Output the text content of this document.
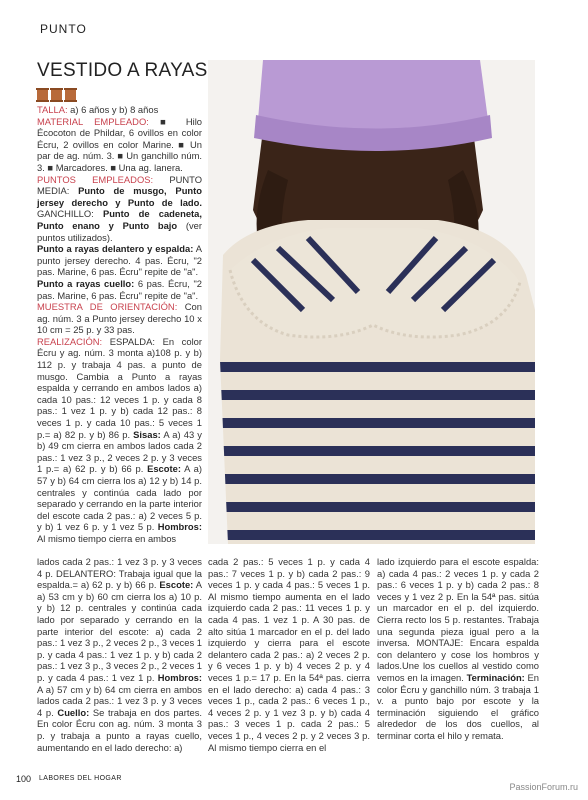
PUNTO
VESTIDO A RAYAS

TALLA: a) 6 años y b) 8 años

MATERIAL EMPLEADO: ■ Hilo Écocoton de Phildar, 6 ovillos en color Écru, 2 ovillos en color Marine. ■ Un par de ag. núm. 3. ■ Un ganchillo núm. 3. ■ Marcadores. ■ Una ag. lanera.

PUNTOS EMPLEADOS: PUNTO MEDIA: Punto de musgo, Punto jersey derecho y Punto de lado. GANCHILLO: Punto de cadeneta, Punto enano y Punto bajo (ver puntos utilizados).

Punto a rayas delantero y espalda: A punto jersey derecho. 4 pas. Écru, "2 pas. Marine, 6 pas. Écru" repite de "a".

Punto a rayas cuello: 6 pas. Écru, "2 pas. Marine, 6 pas. Écru" repite de "a".

MUESTRA DE ORIENTACIÓN: Con ag. núm. 3 a Punto jersey derecho 10 x 10 cm = 25 p. y 33 pas.

REALIZACIÓN: ESPALDA: En color Écru y ag. núm. 3 monta a)108 p. y b) 112 p. y trabaja 4 pas. a punto de musgo. Cambia a Punto a rayas espalda y cerrando en ambos lados a) cada 10 pas.: 12 veces 1 p. y cada 8 pas.: 1 vez 1 p. y b) cada 12 pas.: 8 veces 1 p. y cada 10 pas.: 5 veces 1 p.= a) 82 p. y b) 86 p. Sisas: A a) 43 y b) 49 cm cierra en ambos lados cada 2 pas.: 1 vez 3 p., 2 veces 2 p. y 3 veces 1 p.= a) 62 p. y b) 66 p. Escote: A a) 57 y b) 64 cm cierra los a) 12 y b) 14 p. centrales y continúa cada lado por separado y cerrando en la parte interior del escote cada 2 pas.: a) 2 veces 5 p. y b) 1 vez 6 p. y 1 vez 5 p. Hombros: Al mismo tiempo cierra en ambos

lados cada 2 pas.: 1 vez 3 p. y 3 veces 4 p. DELANTERO: Trabaja igual que la espalda.= a) 62 p. y b) 66 p. Escote: A a) 53 cm y b) 60 cm cierra los a) 10 p. y b) 12 p. centrales y continúa cada lado por separado y cerrando en la parte interior del escote: a) cada 2 pas.: 1 vez 3 p., 2 veces 2 p., 3 veces 1 p. y cada 4 pas.: 1 vez 1 p. y b) cada 2 pas.: 1 vez 3 p., 3 veces 2 p., 2 veces 1 p. y cada 4 pas.: 1 vez 1 p. Hombros: A a) 57 cm y b) 64 cm cierra en ambos lados cada 2 pas.: 1 vez 3 p. y 3 veces 4 p. Cuello: Se trabaja en dos partes. En color Écru con ag. núm. 3 monta 3 p. y trabaja a punto a rayas cuello, aumentando en el lado derecho: a)

cada 2 pas.: 5 veces 1 p. y cada 4 pas.: 7 veces 1 p. y b) cada 2 pas.: 9 veces 1 p. y cada 4 pas.: 5 veces 1 p. Al mismo tiempo aumenta en el lado izquierdo cada 2 pas.: 11 veces 1 p. y cada 4 pas. 1 vez 1 p. A 30 pas. de alto sitúa 1 marcador en el p. del lado izquierdo y cierra para el escote delantero cada 2 pas.: a) 2 veces 2 p. y 6 veces 1 p. y b) 4 veces 2 p. y 4 veces 1 p.= 17 p. En la 54ª pas. cierra en el lado derecho: a) cada 4 pas.: 3 veces 1 p., cada 2 pas.: 6 veces 1 p., 4 veces 2 p. y 1 vez 3 p. y b) cada 4 pas.: 3 veces 1 p. cada 2 pas.: 5 veces 1 p., 4 veces 2 p. y 2 veces 3 p. Al mismo tiempo cierra en el

lado izquierdo para el escote espalda: a) cada 4 pas.: 2 veces 1 p. y cada 2 pas.: 6 veces 1 p. y b) cada 2 pas.: 8 veces y 1 vez 2 p. En la 54ª pas. sitúa un marcador en el p. del izquierdo. Cierra recto los 5 p. restantes. Trabaja una segunda pieza igual pero a la inversa. MONTAJE: Encara espalda con delantero y cose los hombros y lados.Une los cuellos al vestido como vemos en la imagen. Terminación: En color Écru y ganchillo núm. 3 trabaja 1 v. a punto bajo por escote y la terminación siguiendo el gráfico alrededor de los dos cuellos, al terminar corta el hilo y remata.

100 LABORES DEL HOGAR
PassionForum.ru
